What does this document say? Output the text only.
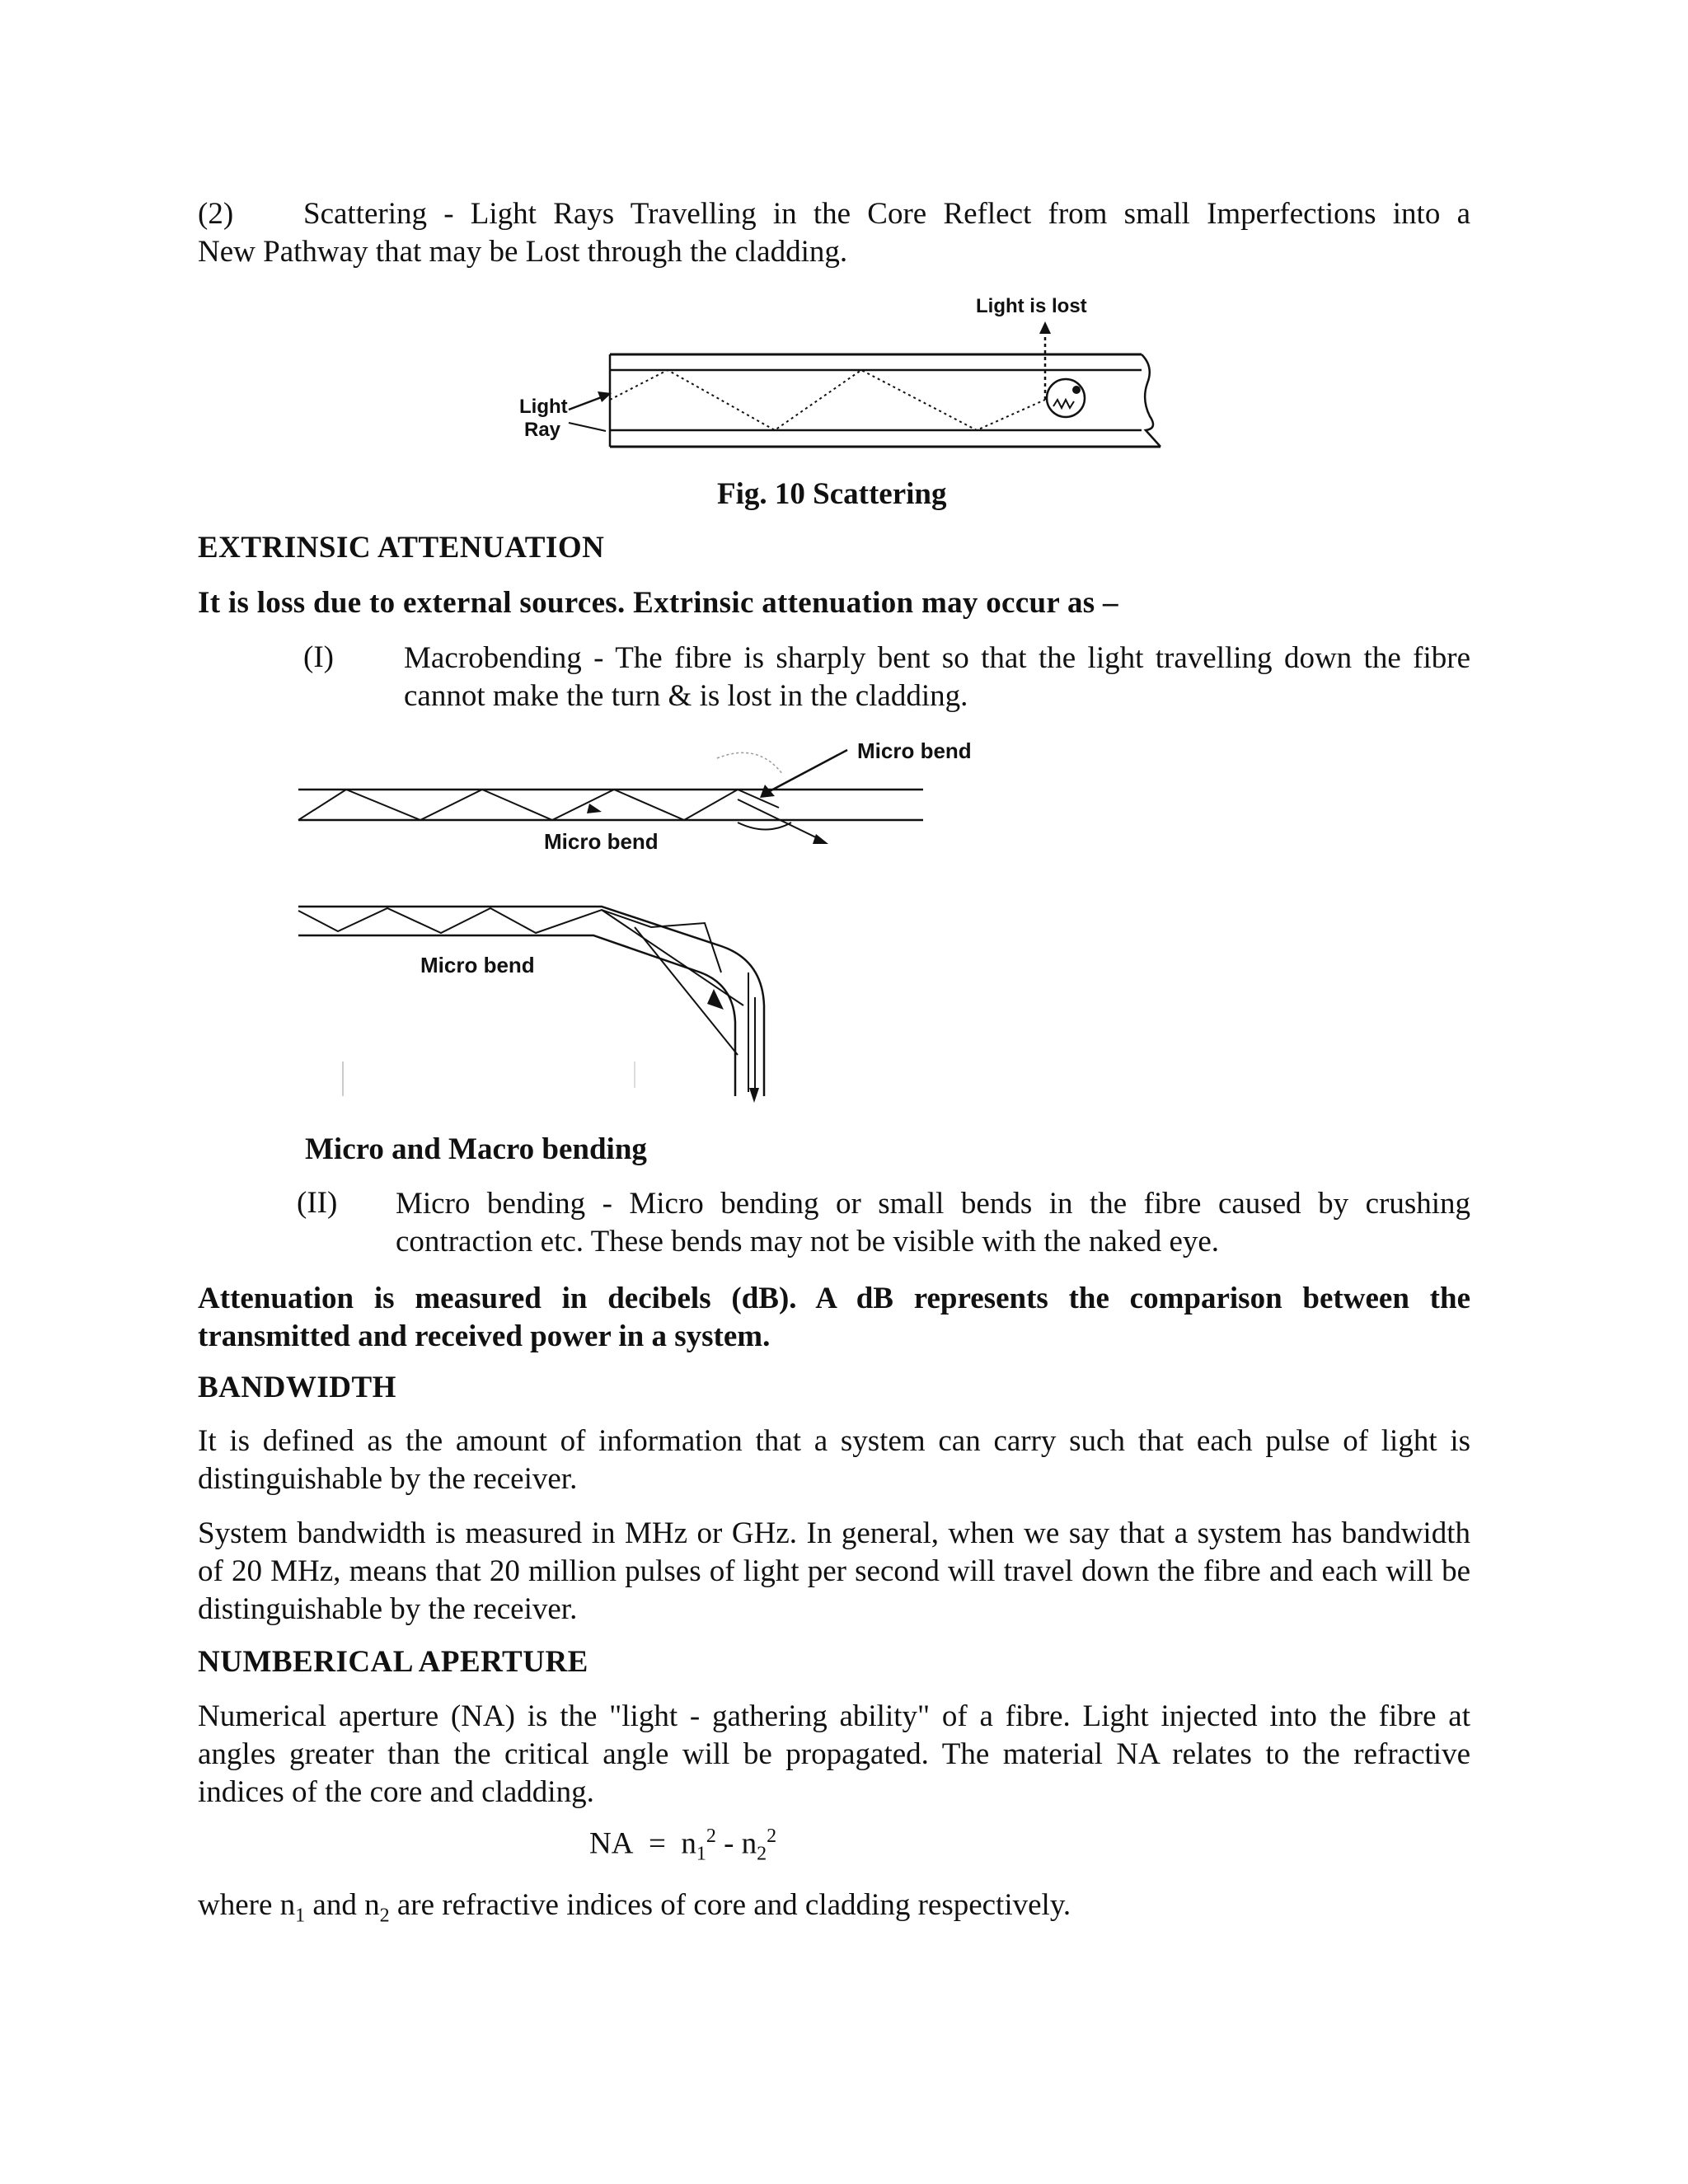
(2) Scattering - Light Rays Travelling in the Core Reflect from small Imperfections into a
New Pathway that may be Lost through the cladding.
Light is lost
Light
Ray
Fig. 10 Scattering
EXTRINSIC ATTENUATION
It is loss due to external sources. Extrinsic attenuation may occur as –
(I) Macrobending - The fibre is sharply bent so that the light travelling down the fibre cannot make the turn & is lost in the cladding.
Micro bend
Micro bend
Micro bend
Micro and Macro bending
(II) Micro bending - Micro bending or small bends in the fibre caused by crushing contraction etc. These bends may not be visible with the naked eye.
Attenuation is measured in decibels (dB). A dB represents the comparison between the transmitted and received power in a system.
BANDWIDTH
It is defined as the amount of information that a system can carry such that each pulse of light is distinguishable by the receiver.
System bandwidth is measured in MHz or GHz. In general, when we say that a system has bandwidth of 20 MHz, means that 20 million pulses of light per second will travel down the fibre and each will be distinguishable by the receiver.
NUMBERICAL APERTURE
Numerical aperture (NA) is the "light - gathering ability" of a fibre. Light injected into the fibre at angles greater than the critical angle will be propagated. The material NA relates to the refractive indices of the core and cladding.
NA = $n_1^2 - n_2^2$
where $n_1$ and $n_2$ are refractive indices of core and cladding respectively.
